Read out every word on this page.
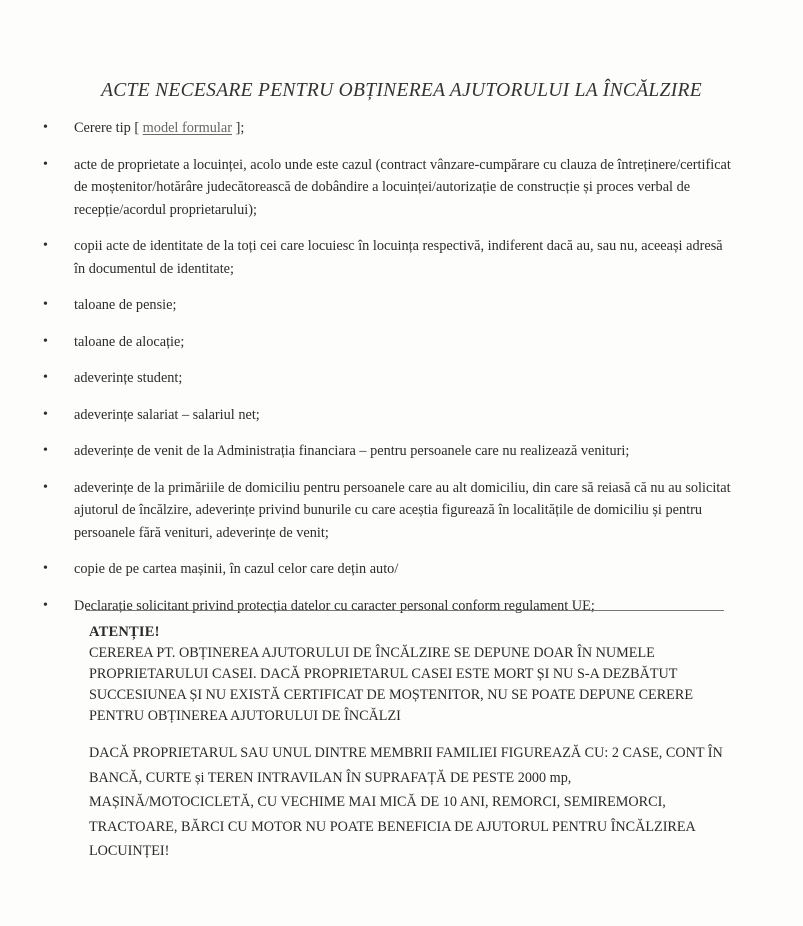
ACTE NECESARE PENTRU OBȚINEREA AJUTORULUI LA ÎNCĂLZIRE
• Cerere tip [ model formular ];
• acte de proprietate a locuinței, acolo unde este cazul (contract vânzare-cumpărare cu clauza de întreținere/certificat de moștenitor/hotărâre judecătorească de dobândire a locuinței/autorizație de construcție și proces verbal de recepție/acordul proprietarului);
• copii acte de identitate de la toți cei care locuiesc în locuința respectivă, indiferent dacă au, sau nu, aceeași adresă în documentul de identitate;
• taloane de pensie;
• taloane de alocație;
• adeverințe student;
• adeverințe salariat – salariul net;
• adeverințe de venit de la Administrația financiara – pentru persoanele care nu realizează venituri;
• adeverințe de la primăriile de domiciliu pentru persoanele care au alt domiciliu, din care să reiasă că nu au solicitat ajutorul de încălzire, adeverințe privind bunurile cu care aceștia figurează în localitățile de domiciliu și pentru persoanele fără venituri, adeverințe de venit;
• copie de pe cartea mașinii, în cazul celor care dețin auto/
• Declarație solicitant privind protecția datelor cu caracter personal conform regulament UE;
ATENȚIE!

CEREREA PT. OBȚINEREA AJUTORULUI DE ÎNCĂLZIRE SE DEPUNE DOAR ÎN NUMELE PROPRIETARULUI CASEI. DACĂ PROPRIETARUL CASEI ESTE MORT ȘI NU S-A DEZBĂTUT SUCCESIUNEA ȘI NU EXISTĂ CERTIFICAT DE MOȘTENITOR, NU SE POATE DEPUNE CERERE PENTRU OBȚINEREA AJUTORULUI DE ÎNCĂLZI

DACĂ PROPRIETARUL SAU UNUL DINTRE MEMBRII FAMILIEI FIGUREAZĂ CU: 2 CASE, CONT ÎN BANCĂ, CURTE și TEREN INTRAVILAN ÎN SUPRAFAȚĂ DE PESTE 2000 mp, MAȘINĂ/MOTOCICLETĂ, CU VECHIME MAI MICĂ DE 10 ANI, REMORCI, SEMIREMORCI, TRACTOARE, BĂRCI CU MOTOR NU POATE BENEFICIA DE AJUTORUL PENTRU ÎNCĂLZIREA LOCUINȚEI!
